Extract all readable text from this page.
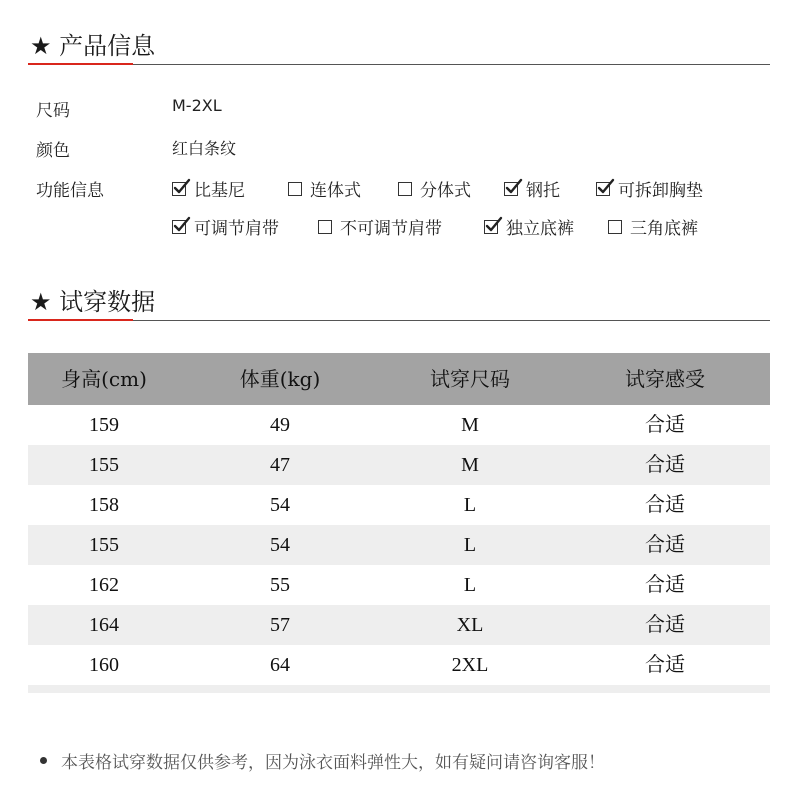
★ 产品信息
尺码	M-2XL
颜色	红白条纹
功能信息	比基尼	连体式	分体式	钢托	可拆卸胸垫
可调节肩带	不可调节肩带	独立底裤	三角底裤
★ 试穿数据
身高(cm)	体重(kg)	试穿尺码	试穿感受
159	49	M	合适
155	47	M	合适
158	54	L	合适
155	54	L	合适
162	55	L	合适
164	57	XL	合适
160	64	2XL	合适
本表格试穿数据仅供参考，因为泳衣面料弹性大，如有疑问请咨询客服！
